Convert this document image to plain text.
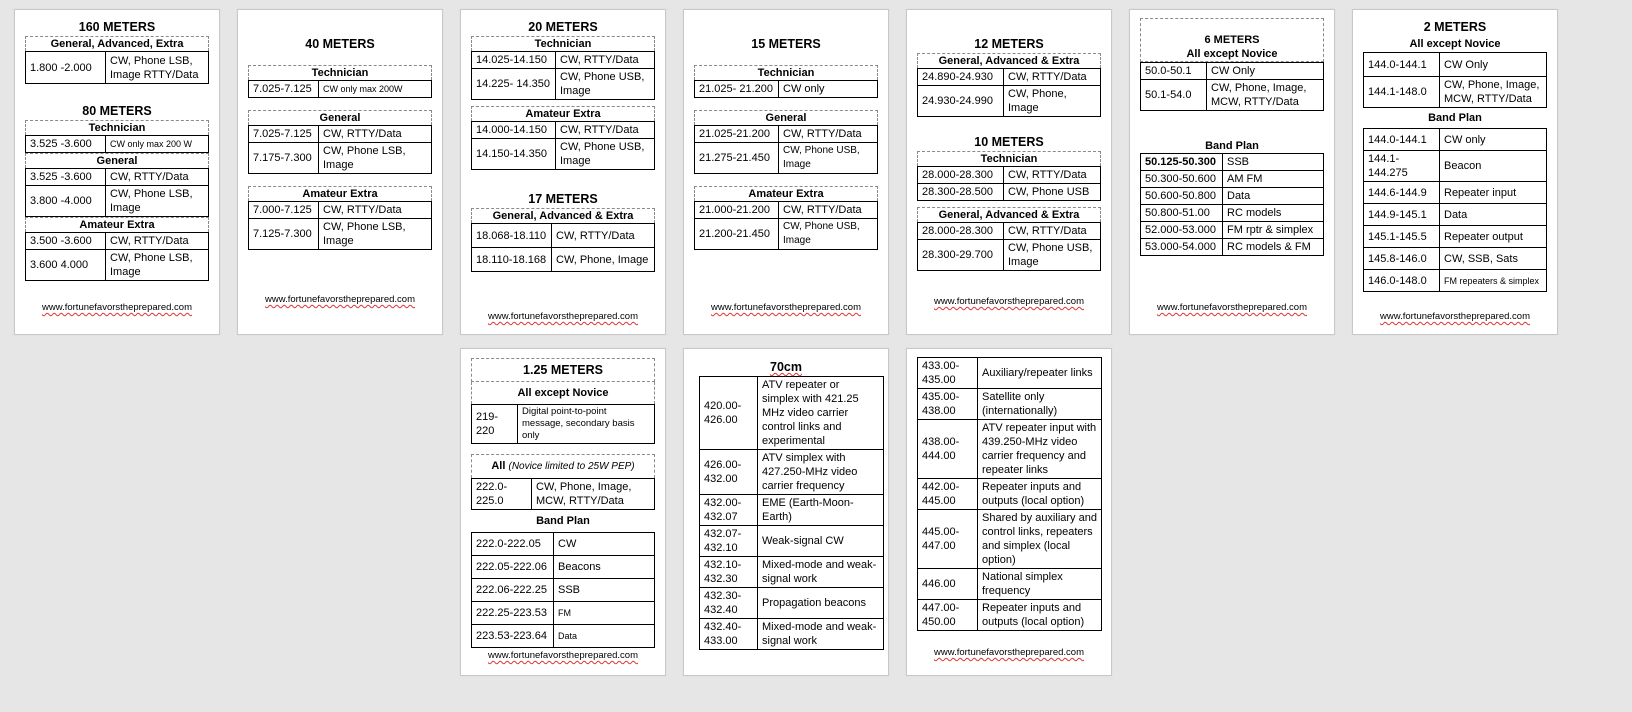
160 METERS
General, Advanced, Extra
1.800 -2.000	CW, Phone LSB, Image RTTY/Data
80 METERS
Technician
3.525 -3.600	CW only max 200 W
General
3.525 -3.600	CW, RTTY/Data
3.800 -4.000	CW, Phone LSB, Image
Amateur Extra
3.500 -3.600	CW, RTTY/Data
3.600 4.000	CW, Phone LSB, Image
www.fortunefavorstheprepared.com
40 METERS
Technician
7.025-7.125	CW only max 200W
General
7.025-7.125	CW, RTTY/Data
7.175-7.300	CW, Phone LSB, Image
Amateur Extra
7.000-7.125	CW, RTTY/Data
7.125-7.300	CW, Phone LSB, Image
www.fortunefavorstheprepared.com
20 METERS
Technician
14.025-14.150	CW, RTTY/Data
14.225- 14.350	CW, Phone USB, Image
Amateur Extra
14.000-14.150	CW, RTTY/Data
14.150-14.350	CW, Phone USB, Image
17 METERS
General, Advanced & Extra
18.068-18.110	CW, RTTY/Data
18.110-18.168	CW, Phone, Image
www.fortunefavorstheprepared.com
15 METERS
Technician
21.025- 21.200	CW only
General
21.025-21.200	CW, RTTY/Data
21.275-21.450	CW, Phone USB, Image
Amateur Extra
21.000-21.200	CW, RTTY/Data
21.200-21.450	CW, Phone USB, Image
www.fortunefavorstheprepared.com
12 METERS
General, Advanced & Extra
24.890-24.930	CW, RTTY/Data
24.930-24.990	CW, Phone, Image
10 METERS
Technician
28.000-28.300	CW, RTTY/Data
28.300-28.500	CW, Phone USB
General, Advanced & Extra
28.000-28.300	CW, RTTY/Data
28.300-29.700	CW, Phone USB, Image
www.fortunefavorstheprepared.com
6 METERS
All except Novice
50.0-50.1	CW Only
50.1-54.0	CW, Phone, Image, MCW, RTTY/Data
Band Plan
50.125-50.300	SSB
50.300-50.600	AM FM
50.600-50.800	Data
50.800-51.00	RC models
52.000-53.000	FM rptr & simplex
53.000-54.000	RC models & FM
www.fortunefavorstheprepared.com
2 METERS
All except Novice
144.0-144.1	CW Only
144.1-148.0	CW, Phone, Image, MCW, RTTY/Data
Band Plan
144.0-144.1	CW only
144.1-144.275	Beacon
144.6-144.9	Repeater input
144.9-145.1	Data
145.1-145.5	Repeater output
145.8-146.0	CW, SSB, Sats
146.0-148.0	FM repeaters & simplex
www.fortunefavorstheprepared.com
1.25 METERS
All except Novice
219-220	Digital point-to-point message, secondary basis only
All (Novice limited to 25W PEP)
222.0-225.0	CW, Phone, Image, MCW, RTTY/Data
Band Plan
222.0-222.05	CW
222.05-222.06	Beacons
222.06-222.25	SSB
222.25-223.53	FM
223.53-223.64	Data
www.fortunefavorstheprepared.com
70cm
420.00-426.00	ATV repeater or simplex with 421.25 MHz video carrier control links and experimental
426.00-432.00	ATV simplex with 427.250-MHz video carrier frequency
432.00-432.07	EME (Earth-Moon-Earth)
432.07-432.10	Weak-signal CW
432.10-432.30	Mixed-mode and weak-signal work
432.30-432.40	Propagation beacons
432.40-433.00	Mixed-mode and weak-signal work
433.00-435.00	Auxiliary/repeater links
435.00-438.00	Satellite only (internationally)
438.00-444.00	ATV repeater input with 439.250-MHz video carrier frequency and repeater links
442.00-445.00	Repeater inputs and outputs (local option)
445.00-447.00	Shared by auxiliary and control links, repeaters and simplex (local option)
446.00	National simplex frequency
447.00-450.00	Repeater inputs and outputs (local option)
www.fortunefavorstheprepared.com
